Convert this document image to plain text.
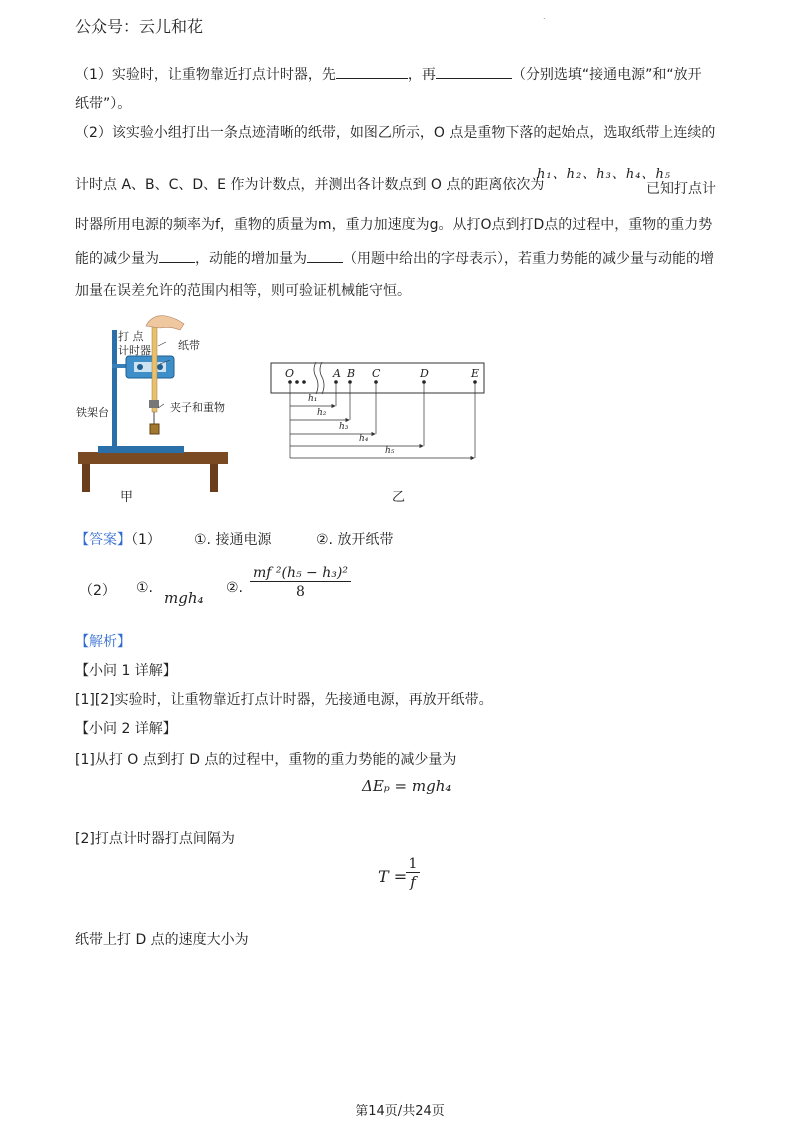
公众号：云儿和花
.
（1）实验时，让重物靠近打点计时器，先	，再	（分别选填“接通电源”和“放开
纸带”）。
（2）该实验小组打出一条点迹清晰的纸带，如图乙所示，O 点是重物下落的起始点，选取纸带上连续的
计时点 A、B、C、D、E 作为计数点，并测出各计数点到 O 点的距离依次为
h₁、h₂、h₃、h₄、h₅
已知打点计
时器所用电源的频率为f，重物的质量为m，重力加速度为g。从打O点到打D点的过程中，重物的重力势
能的减少量为	，动能的增加量为	（用题中给出的字母表示），若重力势能的减少量与动能的增
加量在误差允许的范围内相等，则可验证机械能守恒。
打 点
计时器 纸带
夹子和重物
铁架台
甲
O	A B C	D	E
h₁
h₂
h₃
h₄
h₅
乙
【答案】（1） ①. 接通电源	②. 放开纸带
（2） ①.
mgh₄
②. $\frac{\text{mf ²(h₅ − h₃)²}}{8}$
【解析】
【小问 1 详解】
[1][2]实验时，让重物靠近打点计时器，先接通电源，再放开纸带。
【小问 2 详解】
[1]从打 O 点到打 D 点的过程中，重物的重力势能的减少量为
ΔEₚ = mgh₄
[2]打点计时器打点间隔为
T =
$\frac{1}{f}$
纸带上打 D 点的速度大小为
第14页/共24页
